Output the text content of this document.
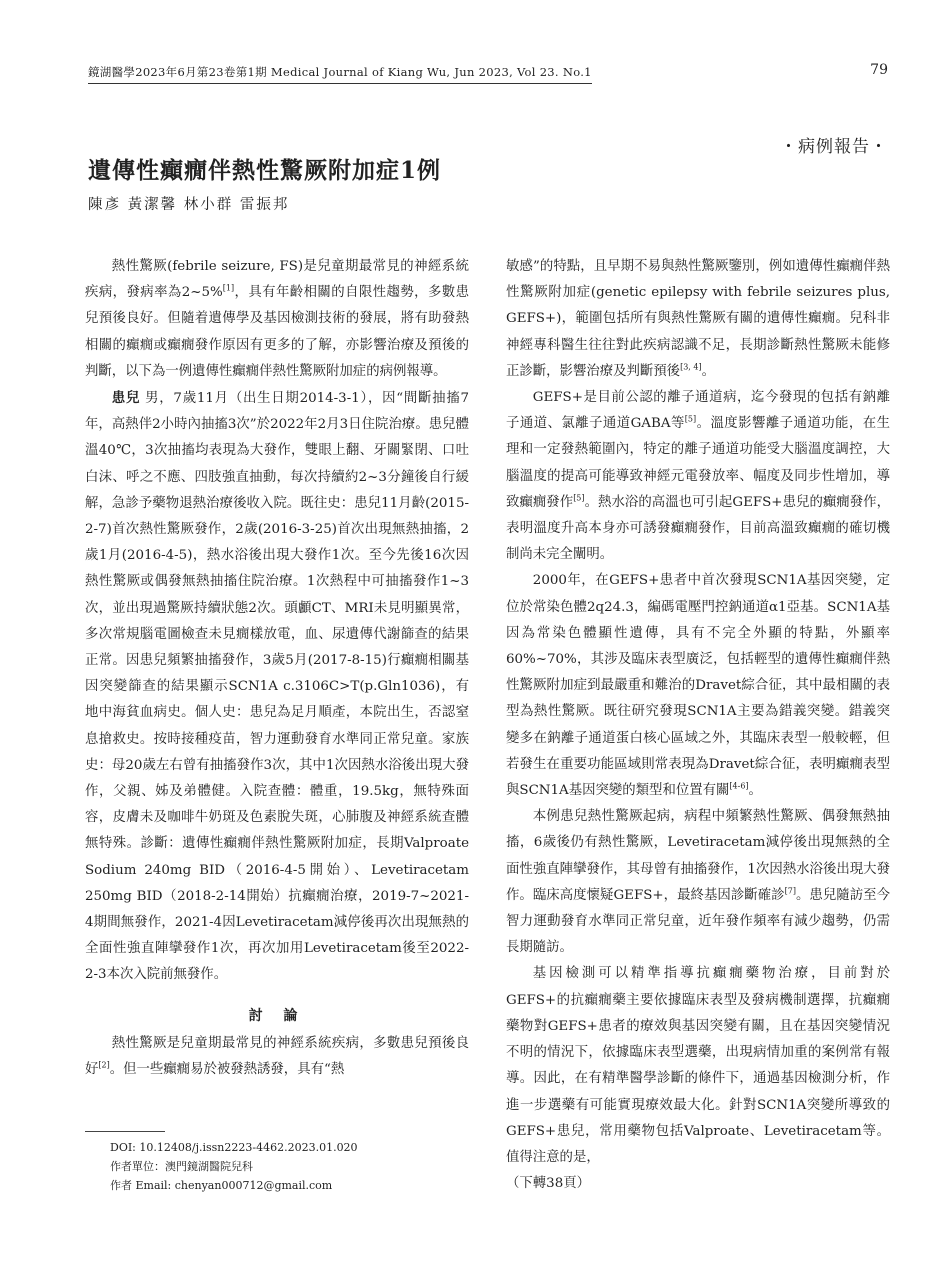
鏡湖醫學2023年6月第23卷第1期 Medical Journal of Kiang Wu, Jun 2023, Vol 23. No.1	79
・病例報告・
遺傳性癲癇伴熱性驚厥附加症1例
陳彥 黃潔馨 林小群 雷振邦

熱性驚厥(febrile seizure, FS)是兒童期最常見的神經系統疾病，發病率為2~5%[1]，具有年齡相關的自限性趨勢，多數患兒預後良好。但隨着遺傳學及基因檢測技術的發展，將有助發熱相關的癲癇或癲癇發作原因有更多的了解，亦影響治療及預後的判斷，以下為一例遺傳性癲癇伴熱性驚厥附加症的病例報導。

患兒 男，7歲11月（出生日期2014-3-1），因“間斷抽搐7年，高熱伴2小時內抽搐3次”於2022年2月3日住院治療。患兒體溫40℃，3次抽搐均表現為大發作，雙眼上翻、牙關緊閉、口吐白沫、呼之不應、四肢強直抽動，每次持續約2~3分鐘後自行緩解，急診予藥物退熱治療後收入院。既往史：患兒11月齡(2015-2-7)首次熱性驚厥發作，2歲(2016-3-25)首次出現無熱抽搐，2歲1月(2016-4-5)，熱水浴後出現大發作1次。至今先後16次因熱性驚厥或偶發無熱抽搐住院治療。1次熱程中可抽搐發作1~3次，並出現過驚厥持續狀態2次。頭顱CT、MRI未見明顯異常，多次常規腦電圖檢查未見癇樣放電，血、尿遺傳代謝篩查的結果正常。因患兒頻繁抽搐發作，3歲5月(2017-8-15)行癲癇相關基因突變篩查的結果顯示SCN1A c.3106C>T(p.Gln1036)，有地中海貧血病史。個人史：患兒為足月順產，本院出生，否認窒息搶救史。按時接種疫苗，智力運動發育水準同正常兒童。家族史：母20歲左右曾有抽搐發作3次，其中1次因熱水浴後出現大發作，父親、姊及弟體健。入院查體：體重，19.5kg，無特殊面容，皮膚未及咖啡牛奶斑及色素脫失斑，心肺腹及神經系統查體無特殊。診斷：遺傳性癲癇伴熱性驚厥附加症，長期Valproate Sodium 240mg BID（2016-4-5開始）、Levetiracetam 250mg BID（2018-2-14開始）抗癲癇治療，2019-7~2021-4期間無發作，2021-4因Levetiracetam減停後再次出現無熱的全面性強直陣攣發作1次，再次加用Levetiracetam後至2022-2-3本次入院前無發作。

討 論

熱性驚厥是兒童期最常見的神經系統疾病，多數患兒預後良好[2]。但一些癲癇易於被發熱誘發，具有“熱

敏感”的特點，且早期不易與熱性驚厥鑒別，例如遺傳性癲癇伴熱性驚厥附加症(genetic epilepsy with febrile seizures plus, GEFS+)，範圍包括所有與熱性驚厥有關的遺傳性癲癇。兒科非神經專科醫生往往對此疾病認識不足，長期診斷熱性驚厥未能修正診斷，影響治療及判斷預後[3, 4]。

GEFS+是目前公認的離子通道病，迄今發現的包括有鈉離子通道、氯離子通道GABA等[5]。溫度影響離子通道功能，在生理和一定發熱範圍內，特定的離子通道功能受大腦溫度調控，大腦溫度的提高可能導致神經元電發放率、幅度及同步性增加，導致癲癇發作[5]。熱水浴的高溫也可引起GEFS+患兒的癲癇發作，表明溫度升高本身亦可誘發癲癇發作，目前高溫致癲癇的確切機制尚未完全闡明。

2000年，在GEFS+患者中首次發現SCN1A基因突變，定位於常染色體2q24.3，編碼電壓門控鈉通道α1亞基。SCN1A基因為常染色體顯性遺傳，具有不完全外顯的特點，外顯率60%~70%，其涉及臨床表型廣泛，包括輕型的遺傳性癲癇伴熱性驚厥附加症到最嚴重和難治的Dravet綜合征，其中最相關的表型為熱性驚厥。既往研究發現SCN1A主要為錯義突變。錯義突變多在鈉離子通道蛋白核心區域之外，其臨床表型一般較輕，但若發生在重要功能區域則常表現為Dravet綜合征，表明癲癇表型與SCN1A基因突變的類型和位置有關[4-6]。

本例患兒熱性驚厥起病，病程中頻繁熱性驚厥、偶發無熱抽搐，6歲後仍有熱性驚厥，Levetiracetam減停後出現無熱的全面性強直陣攣發作，其母曾有抽搐發作，1次因熱水浴後出現大發作。臨床高度懷疑GEFS+，最終基因診斷確診[7]。患兒隨訪至今智力運動發育水準同正常兒童，近年發作頻率有減少趨勢，仍需長期隨訪。

基因檢測可以精準指導抗癲癇藥物治療，目前對於GEFS+的抗癲癇藥主要依據臨床表型及發病機制選擇，抗癲癇藥物對GEFS+患者的療效與基因突變有關，且在基因突變情況不明的情況下，依據臨床表型選藥，出現病情加重的案例常有報導。因此，在有精準醫學診斷的條件下，通過基因檢測分析，作進一步選藥有可能實現療效最大化。針對SCN1A突變所導致的GEFS+患兒，常用藥物包括Valproate、Levetiracetam等。值得注意的是，

（下轉38頁）

DOI: 10.12408/j.issn2223-4462.2023.01.020
作者單位：澳門鏡湖醫院兒科
作者 Email: chenyan000712@gmail.com
